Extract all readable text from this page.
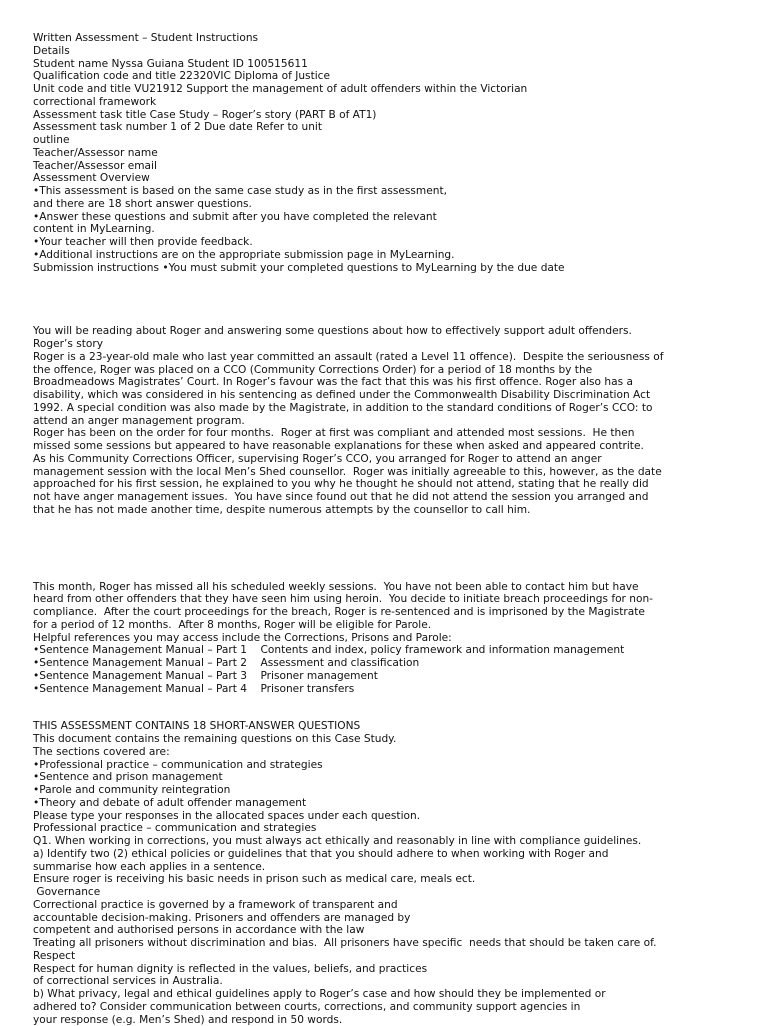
Written Assessment – Student Instructions
Details
Student name Nyssa Guiana Student ID 100515611
Qualification code and title 22320VIC Diploma of Justice
Unit code and title VU21912 Support the management of adult offenders within the Victorian
correctional framework
Assessment task title Case Study – Roger’s story (PART B of AT1)
Assessment task number 1 of 2 Due date Refer to unit
outline
Teacher/Assessor name
Teacher/Assessor email
Assessment Overview
•This assessment is based on the same case study as in the first assessment,
and there are 18 short answer questions.
•Answer these questions and submit after you have completed the relevant
content in MyLearning.
•Your teacher will then provide feedback.
•Additional instructions are on the appropriate submission page in MyLearning.
Submission instructions •You must submit your completed questions to MyLearning by the due date
You will be reading about Roger and answering some questions about how to effectively support adult offenders.
Roger’s story
Roger is a 23-year-old male who last year committed an assault (rated a Level 11 offence).  Despite the seriousness of
the offence, Roger was placed on a CCO (Community Corrections Order) for a period of 18 months by the
Broadmeadows Magistrates’ Court. In Roger’s favour was the fact that this was his first offence. Roger also has a
disability, which was considered in his sentencing as defined under the Commonwealth Disability Discrimination Act
1992. A special condition was also made by the Magistrate, in addition to the standard conditions of Roger’s CCO: to
attend an anger management program.
Roger has been on the order for four months.  Roger at first was compliant and attended most sessions.  He then
missed some sessions but appeared to have reasonable explanations for these when asked and appeared contrite.
As his Community Corrections Officer, supervising Roger’s CCO, you arranged for Roger to attend an anger
management session with the local Men’s Shed counsellor.  Roger was initially agreeable to this, however, as the date
approached for his first session, he explained to you why he thought he should not attend, stating that he really did
not have anger management issues.  You have since found out that he did not attend the session you arranged and
that he has not made another time, despite numerous attempts by the counsellor to call him.
This month, Roger has missed all his scheduled weekly sessions.  You have not been able to contact him but have
heard from other offenders that they have seen him using heroin.  You decide to initiate breach proceedings for non-
compliance.  After the court proceedings for the breach, Roger is re-sentenced and is imprisoned by the Magistrate
for a period of 12 months.  After 8 months, Roger will be eligible for Parole.
Helpful references you may access include the Corrections, Prisons and Parole:
•Sentence Management Manual – Part 1    Contents and index, policy framework and information management
•Sentence Management Manual – Part 2    Assessment and classification
•Sentence Management Manual – Part 3    Prisoner management
•Sentence Management Manual – Part 4    Prisoner transfers
THIS ASSESSMENT CONTAINS 18 SHORT-ANSWER QUESTIONS
This document contains the remaining questions on this Case Study.
The sections covered are:
•Professional practice – communication and strategies
•Sentence and prison management
•Parole and community reintegration
•Theory and debate of adult offender management
Please type your responses in the allocated spaces under each question.
Professional practice – communication and strategies
Q1. When working in corrections, you must always act ethically and reasonably in line with compliance guidelines.
a) Identify two (2) ethical policies or guidelines that that you should adhere to when working with Roger and
summarise how each applies in a sentence.
Ensure roger is receiving his basic needs in prison such as medical care, meals ect.
Governance
Correctional practice is governed by a framework of transparent and
accountable decision-making. Prisoners and offenders are managed by
competent and authorised persons in accordance with the law
Treating all prisoners without discrimination and bias.  All prisoners have specific  needs that should be taken care of.
Respect
Respect for human dignity is reflected in the values, beliefs, and practices
of correctional services in Australia.
b) What privacy, legal and ethical guidelines apply to Roger’s case and how should they be implemented or
adhered to? Consider communication between courts, corrections, and community support agencies in
your response (e.g. Men’s Shed) and respond in 50 words.
